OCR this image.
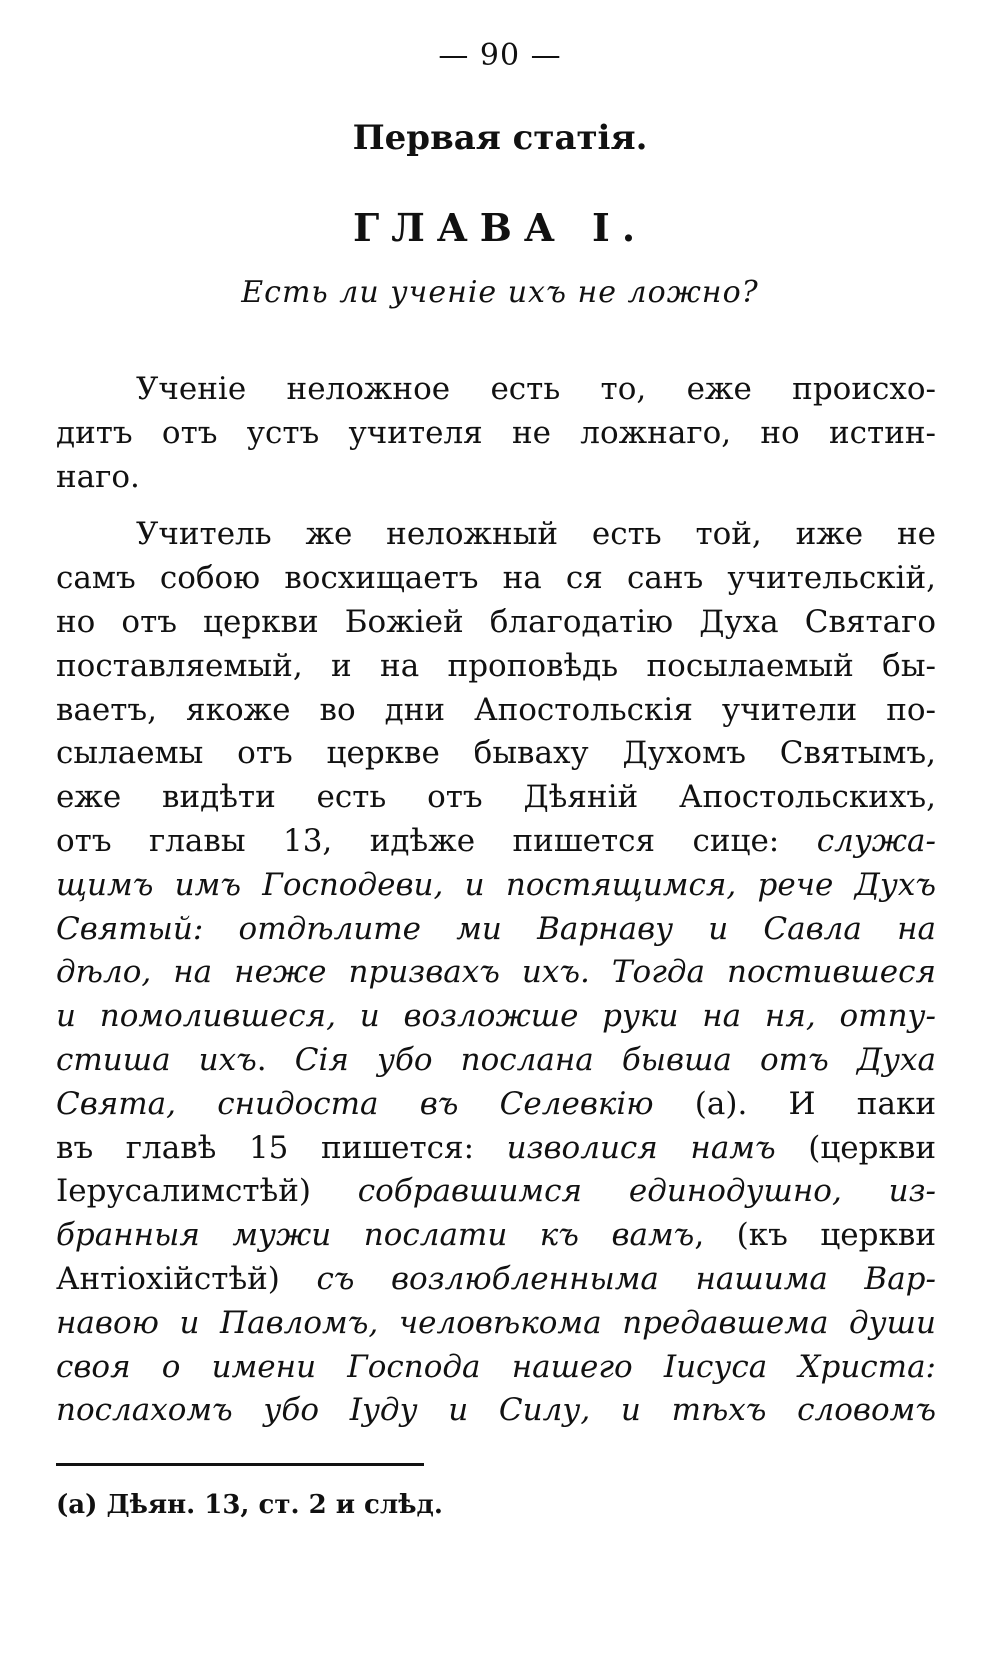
— 90 —
Первая статія.
ГЛАВА I.
Есть ли ученіе ихъ не ложно?
Ученіе неложное есть то, еже происхо-
дитъ отъ устъ учителя не ложнаго, но истин-
наго.
Учитель же неложный есть той, иже не
самъ собою восхищаетъ на ся санъ учительскій,
но отъ церкви Божіей благодатію Духа Святаго
поставляемый, и на проповѣдь посылаемый бы-
ваетъ, якоже во дни Апостольскія учители по-
сылаемы отъ церкве бываху Духомъ Святымъ,
еже видѣти есть отъ Дѣяній Апостольскихъ,
отъ главы 13, идѣже пишется сице: служа-
щимъ имъ Господеви, и постящимся, рече Духъ
Святый: отдѣлите ми Варнаву и Савла на
дѣло, на неже призвахъ ихъ. Тогда постившеся
и помолившеся, и возложше руки на ня, отпу-
стиша ихъ. Сія убо послана бывша отъ Духа
Свята, снидоста въ Селевкію (а). И паки
въ главѣ 15 пишется: изволися намъ (церкви
Іерусалимстѣй) собравшимся единодушно, из-
бранныя мужи послати къ вамъ, (къ церкви
Антіохійстѣй) съ возлюбленныма нашима Вар-
навою и Павломъ, человѣкома предавшема души
своя о имени Господа нашего Іисуса Христа:
послахомъ убо Іуду и Силу, и тѣхъ словомъ
(а) Дѣян. 13, ст. 2 и слѣд.
